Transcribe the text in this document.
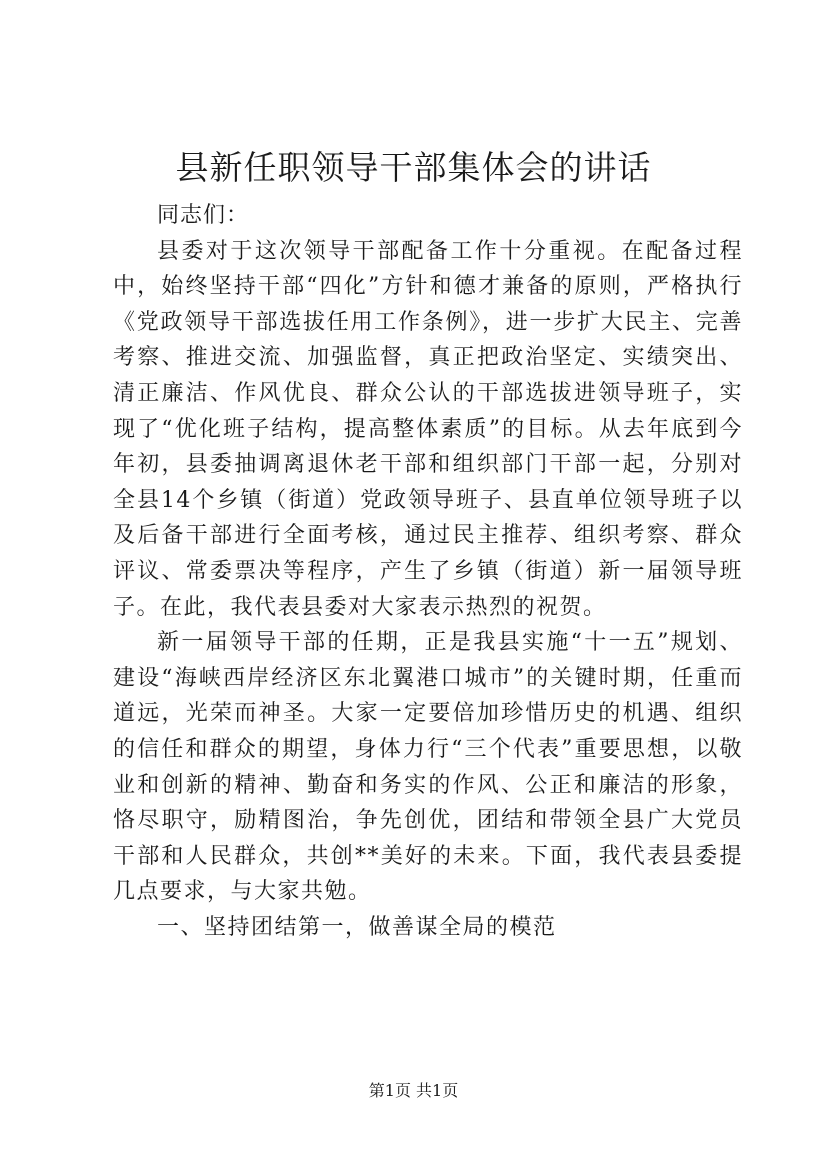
县新任职领导干部集体会的讲话

同志们：

县委对于这次领导干部配备工作十分重视。在配备过程中，始终坚持干部“四化”方针和德才兼备的原则，严格执行《党政领导干部选拔任用工作条例》，进一步扩大民主、完善考察、推进交流、加强监督，真正把政治坚定、实绩突出、清正廉洁、作风优良、群众公认的干部选拔进领导班子，实现了“优化班子结构，提高整体素质”的目标。从去年底到今年初，县委抽调离退休老干部和组织部门干部一起，分别对全县14个乡镇（街道）党政领导班子、县直单位领导班子以及后备干部进行全面考核，通过民主推荐、组织考察、群众评议、常委票决等程序，产生了乡镇（街道）新一届领导班子。在此，我代表县委对大家表示热烈的祝贺。

新一届领导干部的任期，正是我县实施“十一五”规划、建设“海峡西岸经济区东北翼港口城市”的关键时期，任重而道远，光荣而神圣。大家一定要倍加珍惜历史的机遇、组织的信任和群众的期望，身体力行“三个代表”重要思想，以敬业和创新的精神、勤奋和务实的作风、公正和廉洁的形象，恪尽职守，励精图治，争先创优，团结和带领全县广大党员干部和人民群众，共创**美好的未来。下面，我代表县委提几点要求，与大家共勉。

一、坚持团结第一，做善谋全局的模范

第1页 共1页
